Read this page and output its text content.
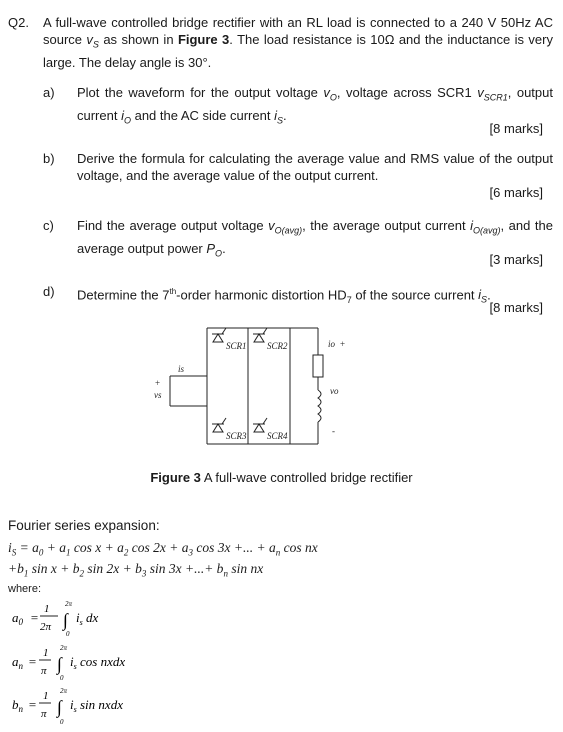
Q2. A full-wave controlled bridge rectifier with an RL load is connected to a 240 V 50Hz AC source $v_S$ as shown in Figure 3. The load resistance is 10Ω and the inductance is very large. The delay angle is 30°.
a) Plot the waveform for the output voltage $v_O$, voltage across SCR1 $v_{SCR1}$, output current $i_O$ and the AC side current $i_S$.
[8 marks]
b) Derive the formula for calculating the average value and RMS value of the output voltage, and the average value of the output current.
[6 marks]
c) Find the average output voltage $v_{O(avg)}$, the average output current $i_{O(avg)}$, and the average output power $P_O$.
[3 marks]
d) Determine the 7th-order harmonic distortion $HD_7$ of the source current $i_S$.
[8 marks]
SCR1 SCR2
SCR3 SCR4
is
vs
io
vo
+
+
-
Figure 3 A full-wave controlled bridge rectifier
Fourier series expansion:
$i_S = a_0 + a_1$ $\cos x + a_2$ $\cos 2x + a_3$ cos 3x +... + $a_n$ cos nx
$+b_1$ $\sin x + b_2$ $\sin 2x + b_3$ sin 3x +...+ $b_n$ sin nx
where:
$a_0$ =
1
2π
2π
∫
0
$i_s$ dx
$a_n$ =
1
π
2π
∫
0
$i_s$ cos nxdx
$b_n$ =
1
π
2π
∫
0
$i_s$ sin nxdx
